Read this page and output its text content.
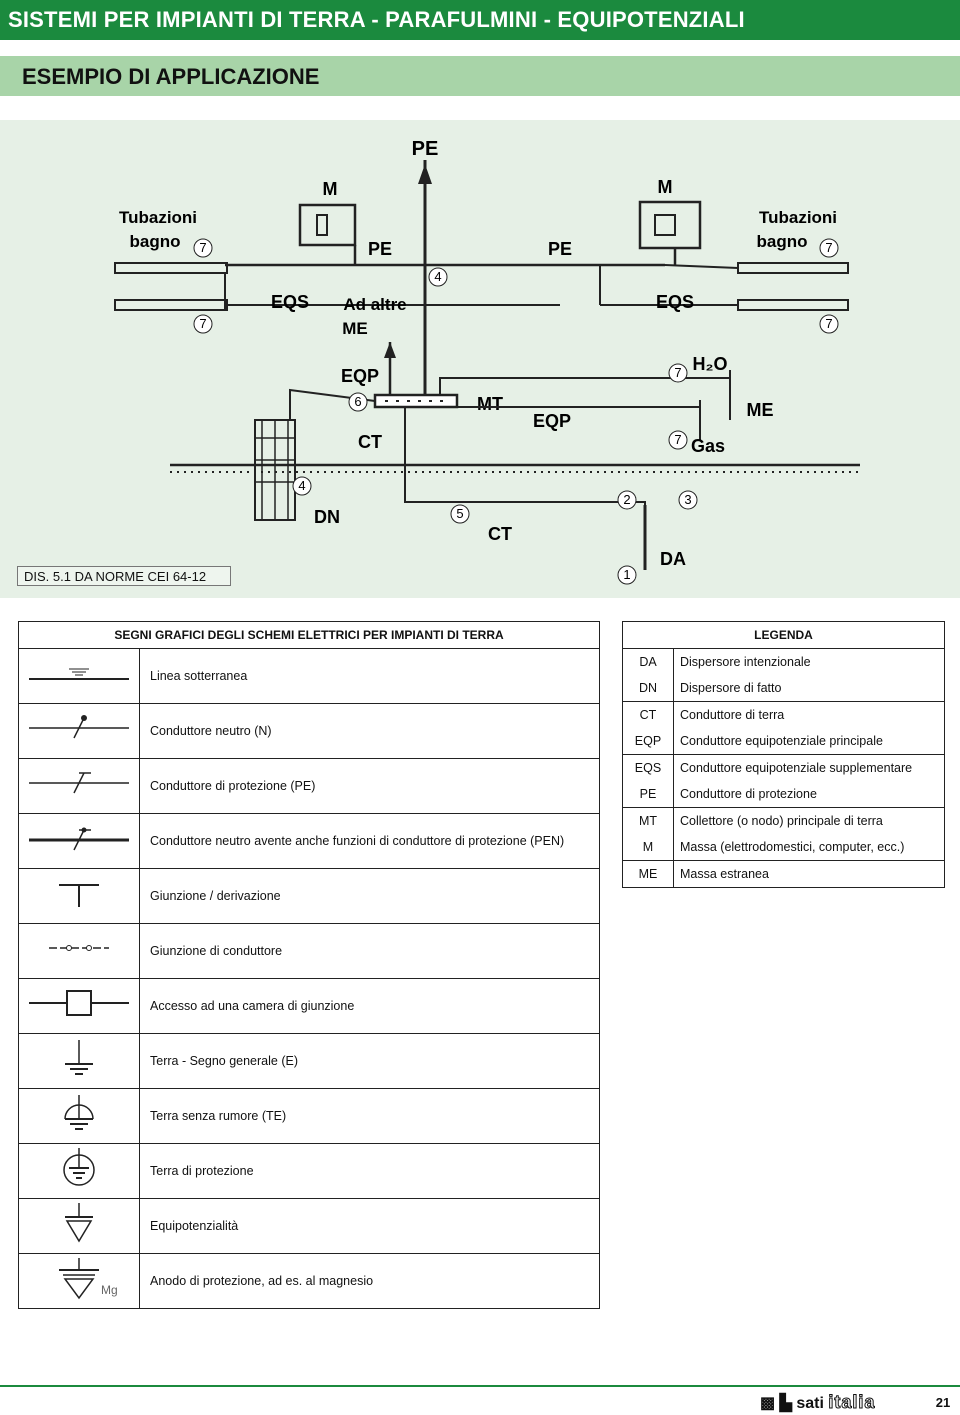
SISTEMI PER IMPIANTI DI TERRA - PARAFULMINI - EQUIPOTENZIALI
ESEMPIO DI APPLICAZIONE
PE
M	M
Tubazioni
bagno
Tubazioni
bagno
PE	PE
EQS	EQS
Ad altre
ME
EQP
CT
MT
EQP
H₂O
ME
Gas
DN
CT
DA
7
7
7
7
7
7
4
4
6
5
2	3
1
DIS. 5.1 DA NORME CEI 64-12
SEGNI GRAFICI DEGLI SCHEMI ELETTRICI PER IMPIANTI DI TERRA	
	Linea sotterranea
	Conduttore neutro (N)
	Conduttore di protezione (PE)
	Conduttore neutro avente anche funzioni di conduttore di protezione (PEN)
	Giunzione / derivazione
	Giunzione di conduttore
	Accesso ad una camera di giunzione
	Terra - Segno generale (E)
	Terra senza rumore (TE)
	Terra di protezione
	Equipotenzialità

Mg	Anodo di protezione, ad es. al magnesio
LEGENDA	
DA	Dispersore intenzionale
DN	Dispersore di fatto
CT	Conduttore di terra
EQP	Conduttore equipotenziale principale
EQS	Conduttore equipotenziale supplementare
PE	Conduttore di protezione
MT	Collettore (o nodo) principale di terra
M	Massa (elettrodomestici, computer, ecc.)
ME	Massa estranea
▩ ▙ sati italia	21
